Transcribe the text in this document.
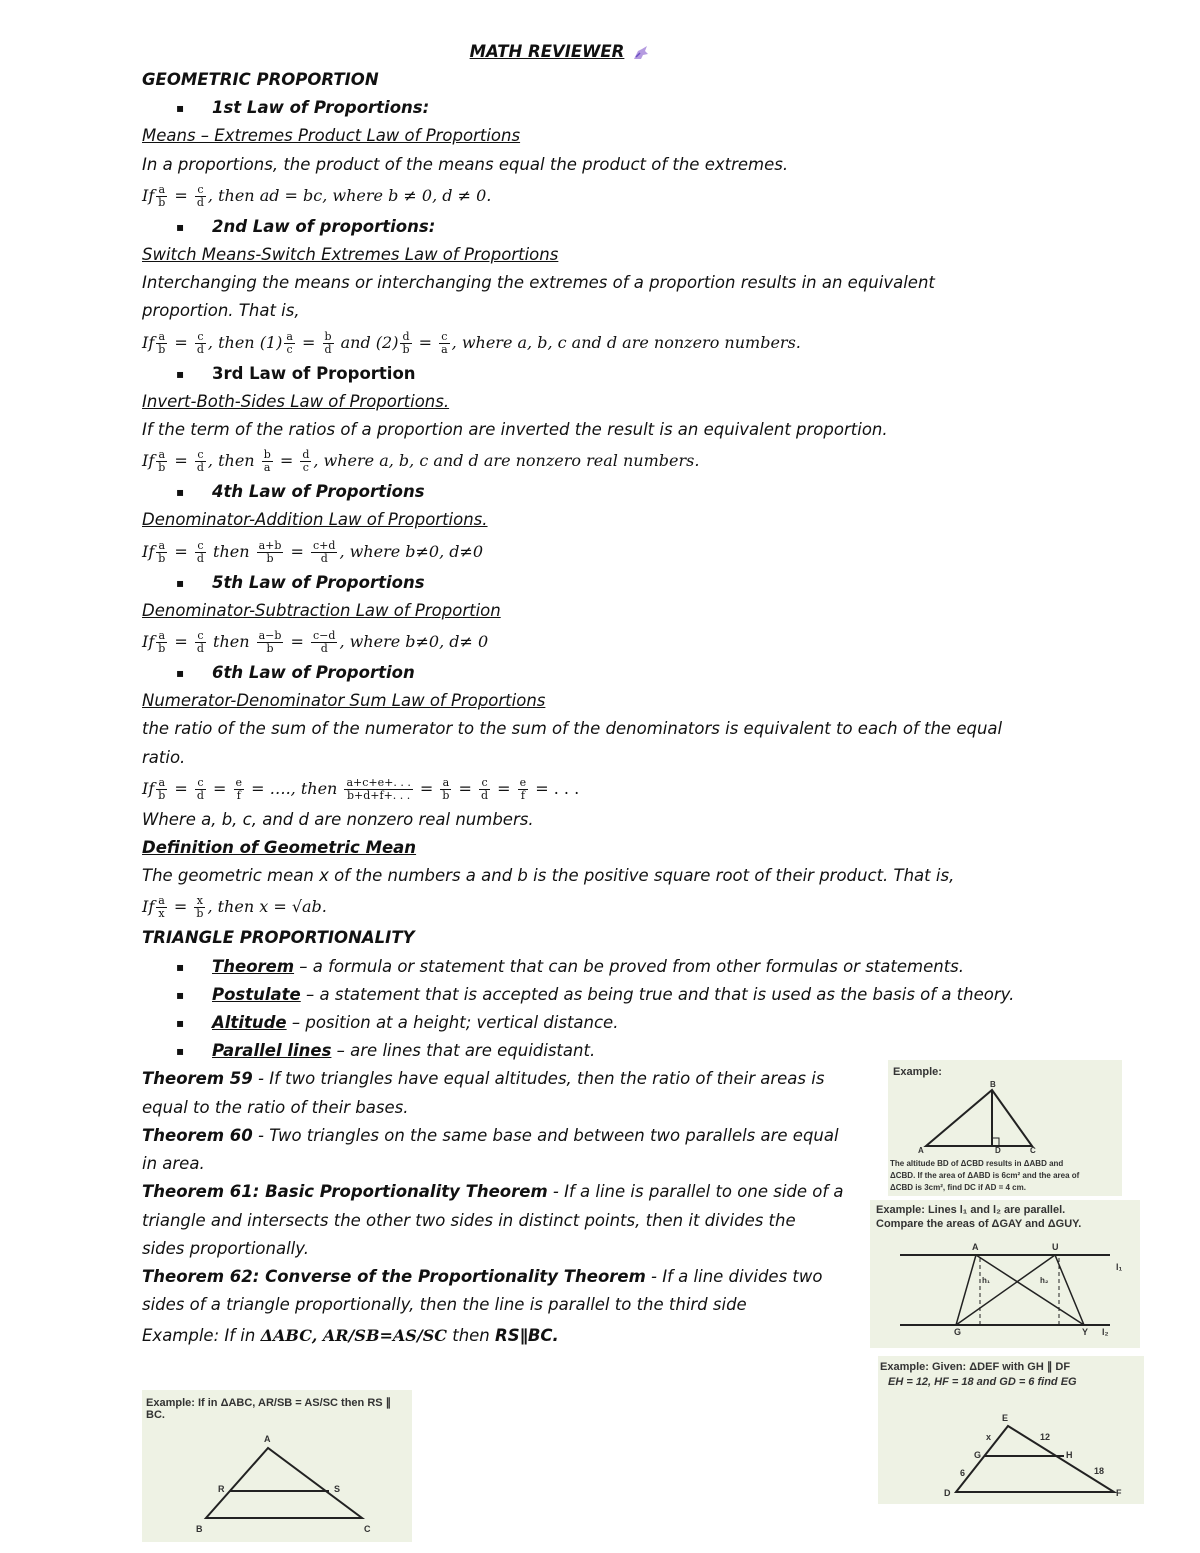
MATH REVIEWER
GEOMETRIC PROPORTION
▪ 1st Law of Proportions:
Means – Extremes Product Law of Proportions
In a proportions, the product of the means equal the product of the extremes.
If $\frac{a}{b} = \frac{c}{d}$ , then ad = bc, where b ≠ 0, d ≠ 0.
▪ 2nd Law of proportions:
Switch Means-Switch Extremes Law of Proportions
Interchanging the means or interchanging the extremes of a proportion results in an equivalent
proportion. That is,
If $\frac{a}{b} = \frac{c}{d}$ , then $(1) \frac{a}{c} = \frac{b}{d}$ and $(2) \frac{d}{b} = \frac{c}{a}$ , where a, b, c and d are nonzero numbers.
▪ 3rd Law of Proportion
Invert-Both-Sides Law of Proportions.
If the term of the ratios of a proportion are inverted the result is an equivalent proportion.
If $\frac{a}{b} = \frac{c}{d}$ , then $\frac{b}{a} = \frac{d}{c}$ , where a, b, c and d are nonzero real numbers.
▪ 4th Law of Proportions
Denominator-Addition Law of Proportions.
If $\frac{a}{b} = \frac{c}{d}$ then $\frac{a+b}{b} = \frac{c+d}{d}$ , where b≠0, d≠0
▪ 5th Law of Proportions
Denominator-Subtraction Law of Proportion
If $\frac{a}{b} = \frac{c}{d}$ then $\frac{a-b}{b} = \frac{c-d}{d}$ , where b≠0, d≠ 0
▪ 6th Law of Proportion
Numerator-Denominator Sum Law of Proportions
the ratio of the sum of the numerator to the sum of the denominators is equivalent to each of the equal
ratio.
If $\frac{a}{b} = \frac{c}{d} = \frac{e}{f}$ = …., then $\frac{a+c+e+. . .}{b+d+f+. . .} = \frac{a}{b} = \frac{c}{d} = \frac{e}{f}$ = . . .
Where a, b, c, and d are nonzero real numbers.
Definition of Geometric Mean
The geometric mean x of the numbers a and b is the positive square root of their product. That is,
If $\frac{a}{x} = \frac{x}{b}$ , then x = √ab.
TRIANGLE PROPORTIONALITY
▪ Theorem – a formula or statement that can be proved from other formulas or statements.
▪ Postulate – a statement that is accepted as being true and that is used as the basis of a theory.
▪ Altitude – position at a height; vertical distance.
▪ Parallel lines – are lines that are equidistant.
Theorem 59 - If two triangles have equal altitudes, then the ratio of their areas is
equal to the ratio of their bases.
Theorem 60 - Two triangles on the same base and between two parallels are equal
in area.
Theorem 61: Basic Proportionality Theorem - If a line is parallel to one side of a
triangle and intersects the other two sides in distinct points, then it divides the
sides proportionally.
Theorem 62: Converse of the Proportionality Theorem - If a line divides two
sides of a triangle proportionally, then the line is parallel to the third side
Example: If in ΔABC, AR/SB=AS/SC then RS∥BC.
Example:
B
A	D	C
The altitude BD of ΔCBD results in ΔABD and
ΔCBD. If the area of ΔABD is 6cm² and the area of
ΔCBD is 3cm², find DC if AD = 4 cm.
Example: Lines l₁ and l₂ are parallel.
Compare the areas of ΔGAY and ΔGUY.
A	U
G	Y
l₁
l₂
h₁	h₂
Example: Given: ΔDEF with GH ∥ DF
EH = 12, HF = 18 and GD = 6 find EG
E
x	12
G	H
6	18
D	F
Example: If in ΔABC, AR/SB = AS/SC then RS ∥ BC.
A
R	S
B	C
